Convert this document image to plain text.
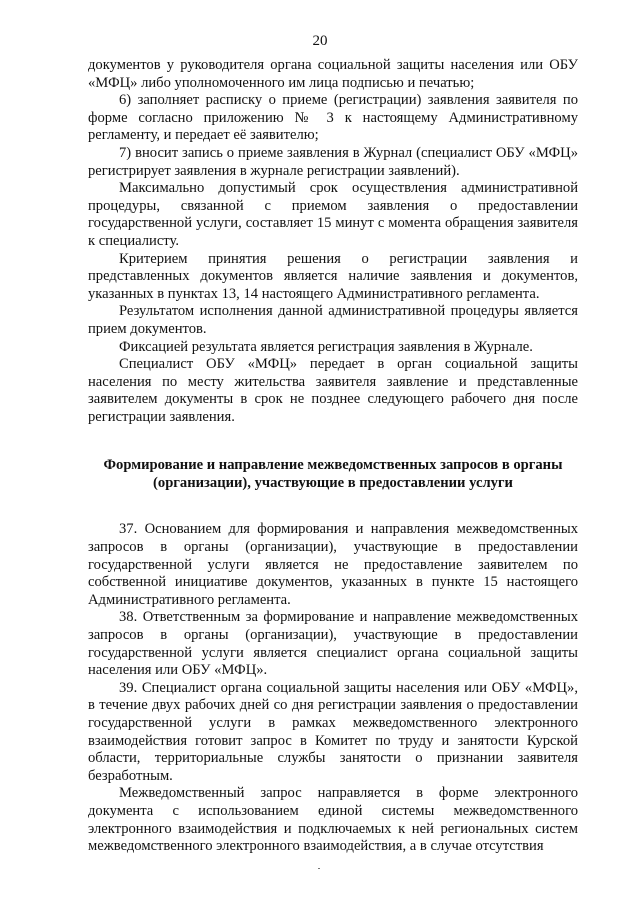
20

документов у руководителя органа социальной защиты населения или ОБУ «МФЦ» либо уполномоченного им лица подписью и печатью;

6) заполняет расписку о приеме (регистрации) заявления заявителя по форме согласно приложению № 3 к настоящему Административному регламенту, и передает её заявителю;

7) вносит запись о приеме заявления в Журнал (специалист ОБУ «МФЦ» регистрирует заявления в журнале регистрации заявлений).

Максимально допустимый срок осуществления административной процедуры, связанной с приемом заявления о предоставлении государственной услуги, составляет 15 минут с момента обращения заявителя к специалисту.

Критерием принятия решения о регистрации заявления и представленных документов является наличие заявления и документов, указанных в пунктах 13, 14 настоящего Административного регламента.

Результатом исполнения данной административной процедуры является прием документов.

Фиксацией результата является регистрация заявления в Журнале.

Специалист ОБУ «МФЦ» передает в орган социальной защиты населения по месту жительства заявителя заявление и представленные заявителем документы в срок не позднее следующего рабочего дня после регистрации заявления.

Формирование и направление межведомственных запросов в органы (организации), участвующие в предоставлении услуги

37. Основанием для формирования и направления межведомственных запросов в органы (организации), участвующие в предоставлении государственной услуги является не предоставление заявителем по собственной инициативе документов, указанных в пункте 15 настоящего Административного регламента.

38. Ответственным за формирование и направление межведомственных запросов в органы (организации), участвующие в предоставлении государственной услуги является специалист органа социальной защиты населения или ОБУ «МФЦ».

39. Специалист органа социальной защиты населения или ОБУ «МФЦ», в течение двух рабочих дней со дня регистрации заявления о предоставлении государственной услуги в рамках межведомственного электронного взаимодействия готовит запрос в Комитет по труду и занятости Курской области, территориальные службы занятости о признании заявителя безработным.

Межведомственный запрос направляется в форме электронного документа с использованием единой системы межведомственного электронного взаимодействия и подключаемых к ней региональных систем межведомственного электронного взаимодействия, а в случае отсутствия
